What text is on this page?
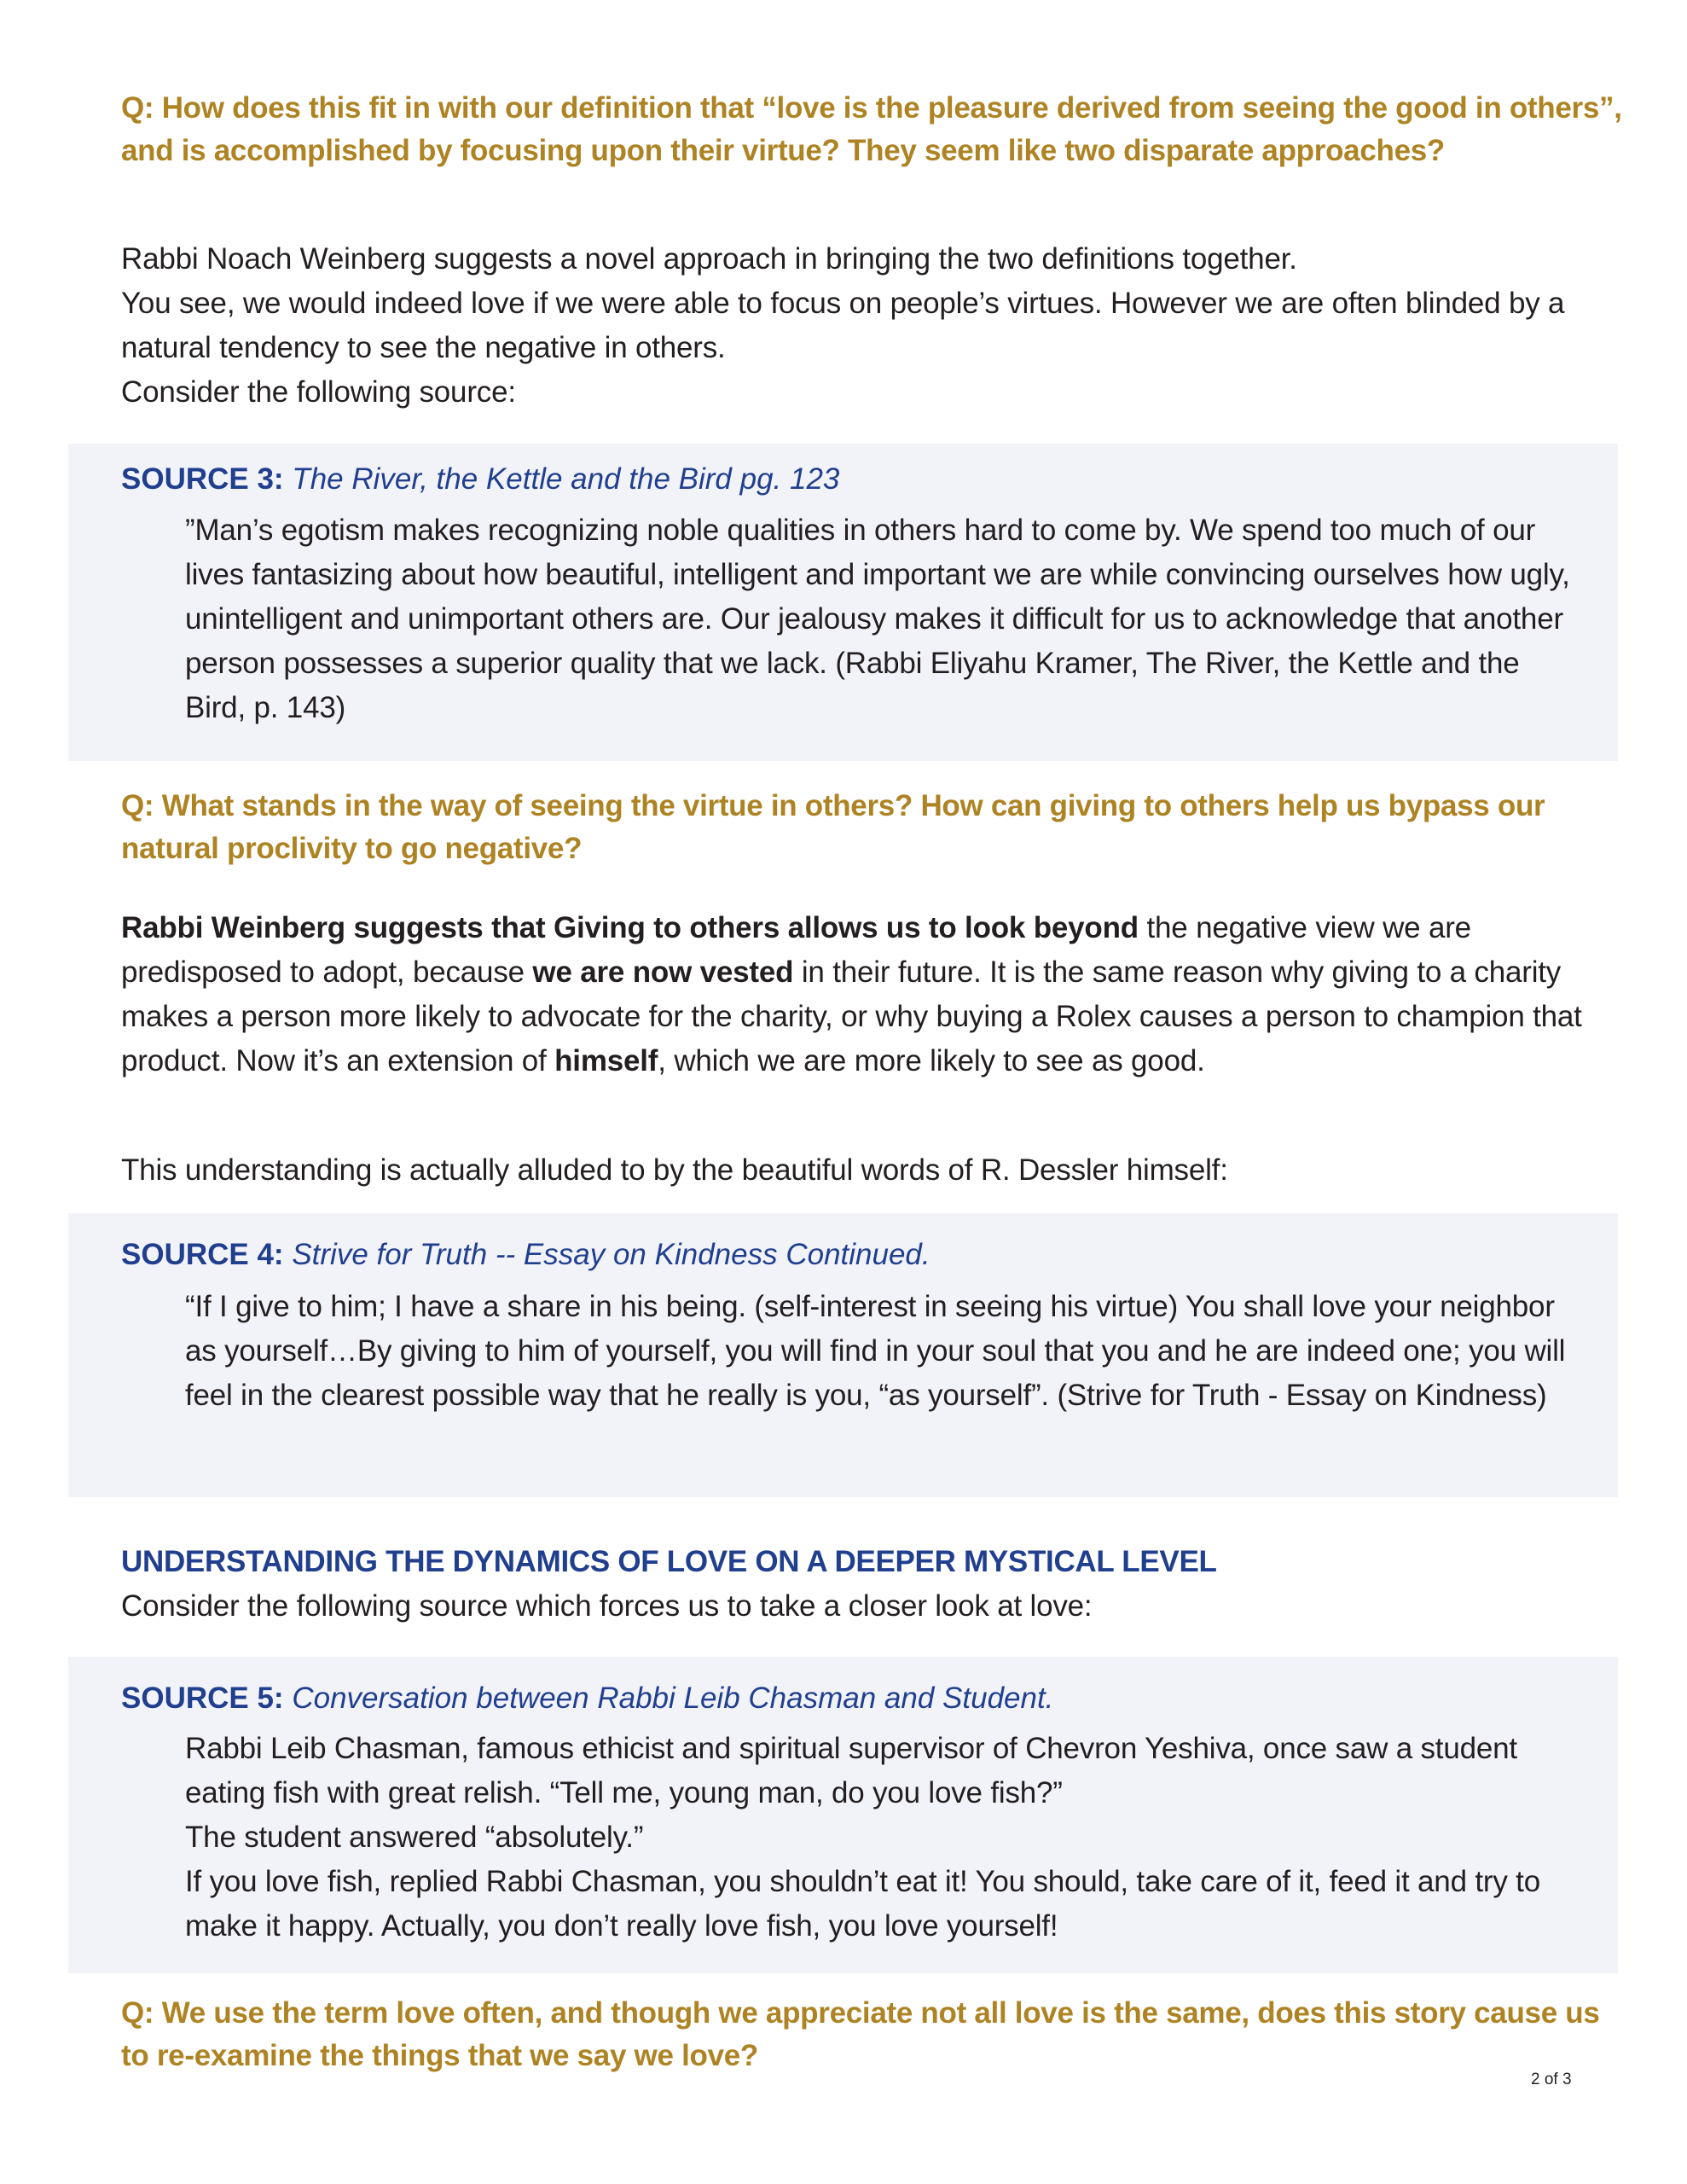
Q: How does this fit in with our definition that “love is the pleasure derived from seeing the good in others”, and is accomplished by focusing upon their virtue? They seem like two disparate approaches?

Rabbi Noach Weinberg suggests a novel approach in bringing the two definitions together.

You see, we would indeed love if we were able to focus on people’s virtues. However we are often blinded by a natural tendency to see the negative in others.

Consider the following source:

SOURCE 3: The River, the Kettle and the Bird pg. 123
”Man’s egotism makes recognizing noble qualities in others hard to come by. We spend too much of our lives fantasizing about how beautiful, intelligent and important we are while convincing ourselves how ugly, unintelligent and unimportant others are. Our jealousy makes it difficult for us to acknowledge that another person possesses a superior quality that we lack. (Rabbi Eliyahu Kramer, The River, the Kettle and the Bird, p. 143)
Q: What stands in the way of seeing the virtue in others? How can giving to others help us bypass our natural proclivity to go negative?

Rabbi Weinberg suggests that Giving to others allows us to look beyond the negative view we are predisposed to adopt, because we are now vested in their future. It is the same reason why giving to a charity makes a person more likely to advocate for the charity, or why buying a Rolex causes a person to champion that product. Now it’s an extension of himself, which we are more likely to see as good.

This understanding is actually alluded to by the beautiful words of R. Dessler himself:
SOURCE 4: Strive for Truth -- Essay on Kindness Continued.
“If I give to him; I have a share in his being. (self-interest in seeing his virtue) You shall love your neighbor as yourself…By giving to him of yourself, you will find in your soul that you and he are indeed one; you will feel in the clearest possible way that he really is you, “as yourself”. (Strive for Truth - Essay on Kindness)
UNDERSTANDING THE DYNAMICS OF LOVE ON A DEEPER MYSTICAL LEVEL
Consider the following source which forces us to take a closer look at love:
SOURCE 5: Conversation between Rabbi Leib Chasman and Student.

Rabbi Leib Chasman, famous ethicist and spiritual supervisor of Chevron Yeshiva, once saw a student eating fish with great relish. “Tell me, young man, do you love fish?”

The student answered “absolutely.”

If you love fish, replied Rabbi Chasman, you shouldn’t eat it! You should, take care of it, feed it and try to make it happy. Actually, you don’t really love fish, you love yourself!

Q: We use the term love often, and though we appreciate not all love is the same, does this story cause us to re-examine the things that we say we love?
2 of 3
